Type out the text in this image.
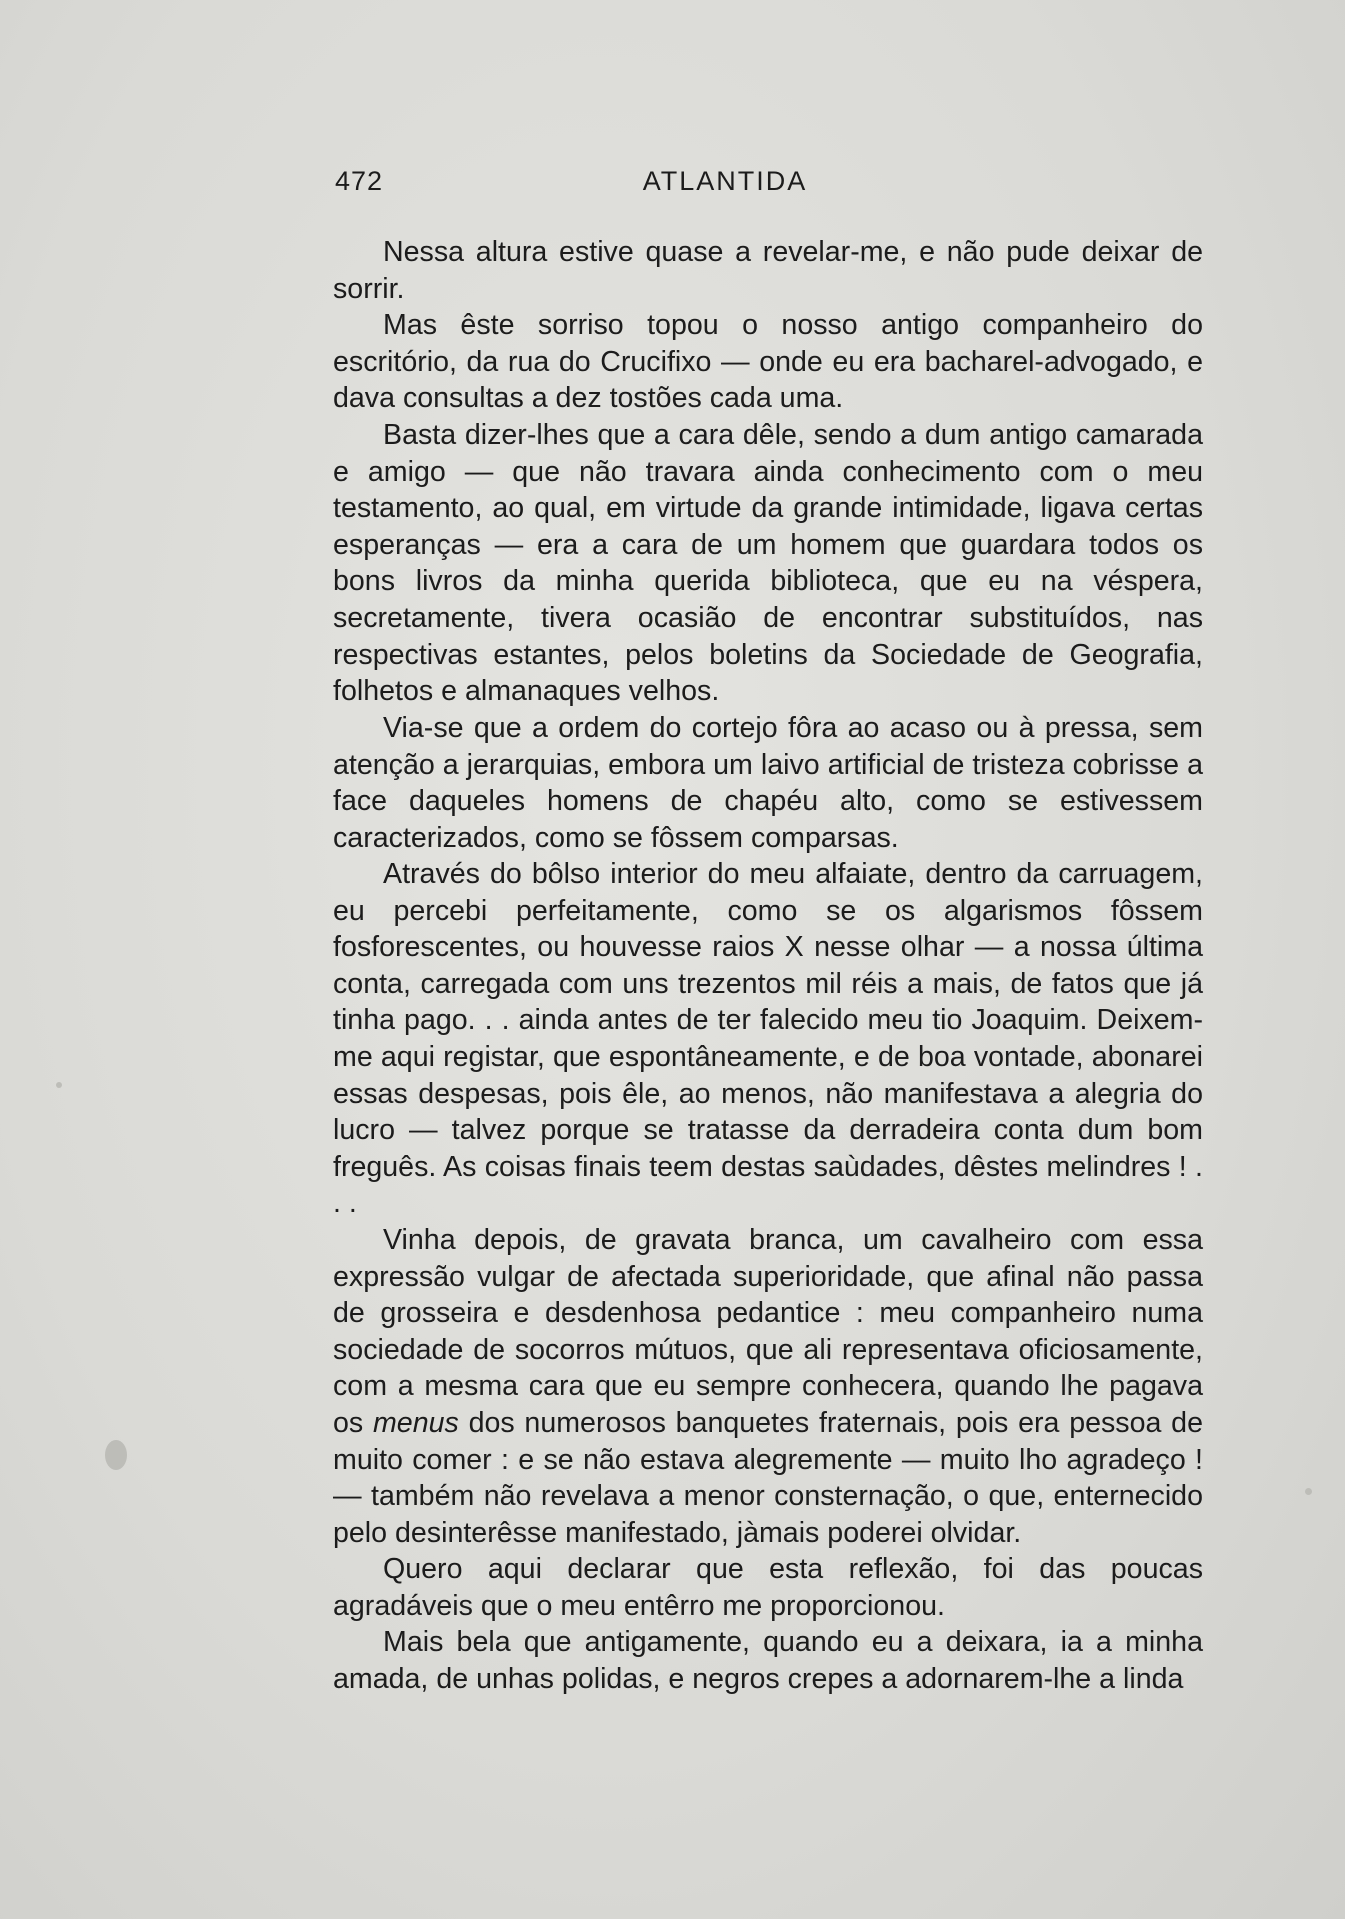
472	ATLANTIDA

Nessa altura estive quase a revelar-me, e não pude deixar de sorrir.

Mas êste sorriso topou o nosso antigo companheiro do escritório, da rua do Crucifixo — onde eu era bacharel-advogado, e dava consultas a dez tostões cada uma.

Basta dizer-lhes que a cara dêle, sendo a dum antigo camarada e amigo — que não travara ainda conhecimento com o meu testamento, ao qual, em virtude da grande intimidade, ligava certas esperanças — era a cara de um homem que guardara todos os bons livros da minha querida biblioteca, que eu na véspera, secretamente, tivera ocasião de encontrar substituídos, nas respectivas estantes, pelos boletins da Sociedade de Geografia, folhetos e almanaques velhos.

Via-se que a ordem do cortejo fôra ao acaso ou à pressa, sem atenção a jerarquias, embora um laivo artificial de tristeza cobrisse a face daqueles homens de chapéu alto, como se estivessem caracterizados, como se fôssem comparsas.

Através do bôlso interior do meu alfaiate, dentro da carruagem, eu percebi perfeitamente, como se os algarismos fôssem fosforescentes, ou houvesse raios X nesse olhar — a nossa última conta, carregada com uns trezentos mil réis a mais, de fatos que já tinha pago. . . ainda antes de ter falecido meu tio Joaquim. Deixem-me aqui registar, que espontâneamente, e de boa vontade, abonarei essas despesas, pois êle, ao menos, não manifestava a alegria do lucro — talvez porque se tratasse da derradeira conta dum bom freguês. As coisas finais teem destas saùdades, dêstes melindres ! . . .

Vinha depois, de gravata branca, um cavalheiro com essa expressão vulgar de afectada superioridade, que afinal não passa de grosseira e desdenhosa pedantice : meu companheiro numa sociedade de socorros mútuos, que ali representava oficiosamente, com a mesma cara que eu sempre conhecera, quando lhe pagava os menus dos numerosos banquetes fraternais, pois era pessoa de muito comer : e se não estava alegremente — muito lho agradeço ! — também não revelava a menor consternação, o que, enternecido pelo desinterêsse manifestado, jàmais poderei olvidar.

Quero aqui declarar que esta reflexão, foi das poucas agradáveis que o meu entêrro me proporcionou.

Mais bela que antigamente, quando eu a deixara, ia a minha amada, de unhas polidas, e negros crepes a adornarem-lhe a linda
